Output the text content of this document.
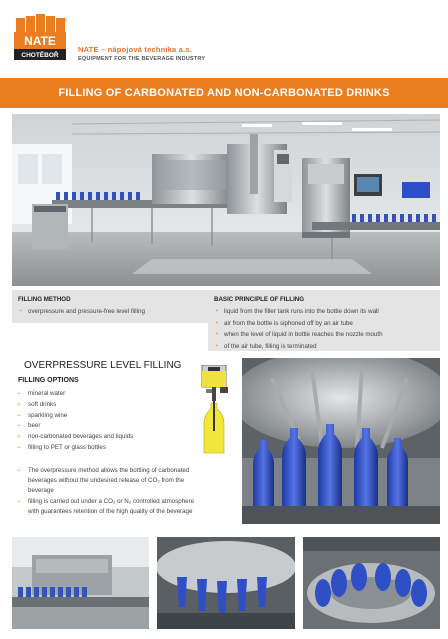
NATE
CHOTĚBOŘ
®
NATE – nápojová technika a.s.
EQUIPMENT FOR THE BEVERAGE INDUSTRY
FILLING OF CARBONATED AND NON-CARBONATED DRINKS
FILLING METHOD
▪ overpressure and pressure-free level filling
BASIC PRINCIPLE OF FILLING
▪ liquid from the filler tank runs into the bottle down its wall
▪ air from the bottle is siphoned off by an air tube
▪ when the level of liquid in bottle reaches the nozzle mouth
▪ of the air tube, filling is terminated
OVERPRESSURE LEVEL FILLING
FILLING OPTIONS
▪ mineral water
▪ soft drinks
▪ sparkling wine
▪ beer
▪ non-carbonated beverages and liquids
▪ filling to PET or glass bottles
▪ The overpressure method allows the bottling of carbonated
beverages without the undesired release of CO₂ from the
beverage
▪ filling is carried out under a CO₂ or N₂ controlled atmosphere
with guarantees retention of the high quality of the beverage
